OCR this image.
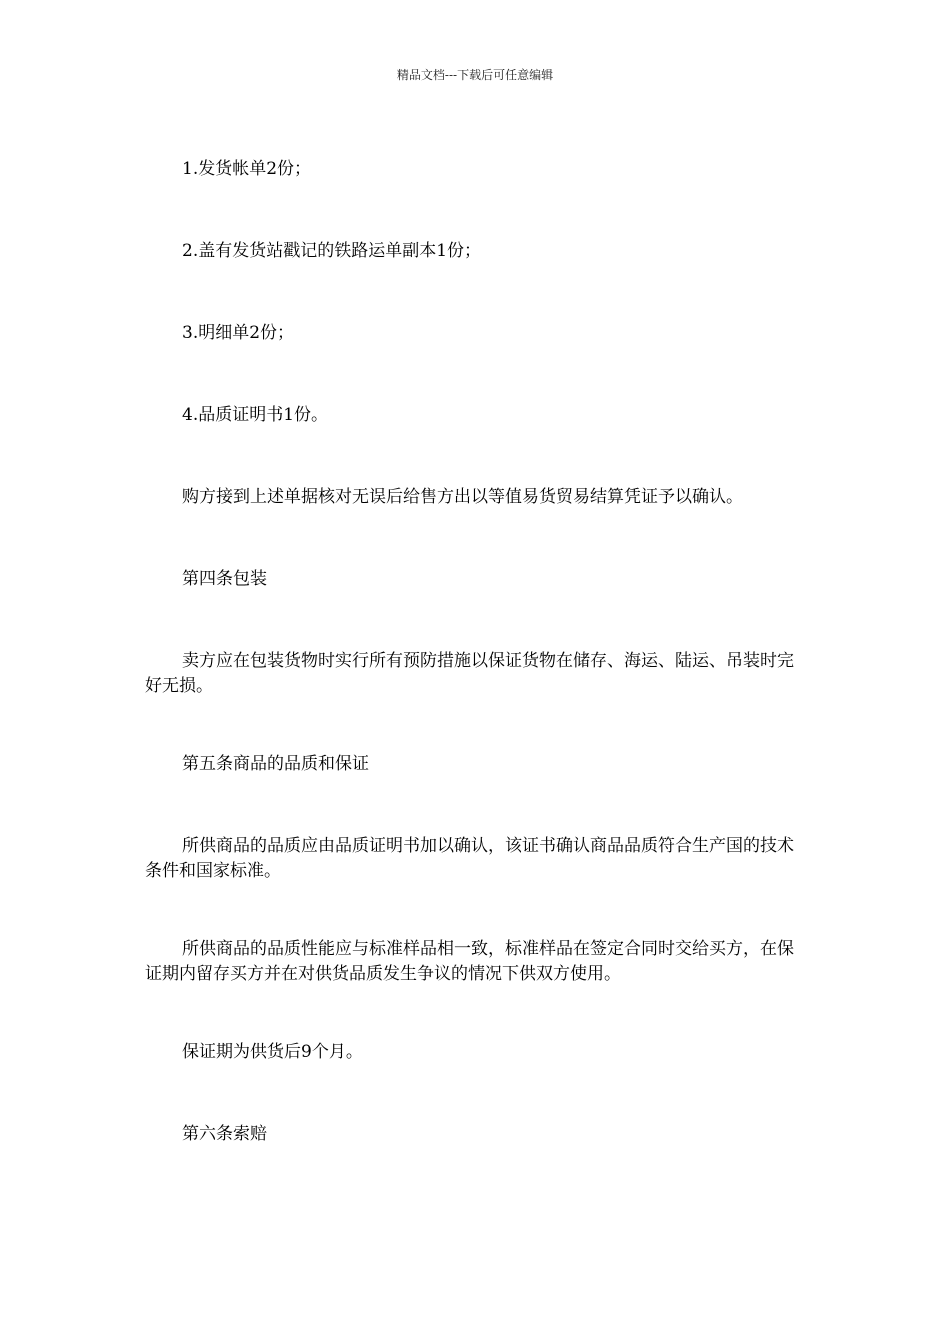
精品文档---下载后可任意编辑
1.发货帐单2份；
2.盖有发货站戳记的铁路运单副本1份；
3.明细单2份；
4.品质证明书1份。
购方接到上述单据核对无误后给售方出以等值易货贸易结算凭证予以确认。
第四条包装
卖方应在包装货物时实行所有预防措施以保证货物在储存、海运、陆运、吊装时完好无损。
第五条商品的品质和保证
所供商品的品质应由品质证明书加以确认，该证书确认商品品质符合生产国的技术条件和国家标准。
所供商品的品质性能应与标准样品相一致，标准样品在签定合同时交给买方，在保证期内留存买方并在对供货品质发生争议的情况下供双方使用。
保证期为供货后9个月。
第六条索赔
